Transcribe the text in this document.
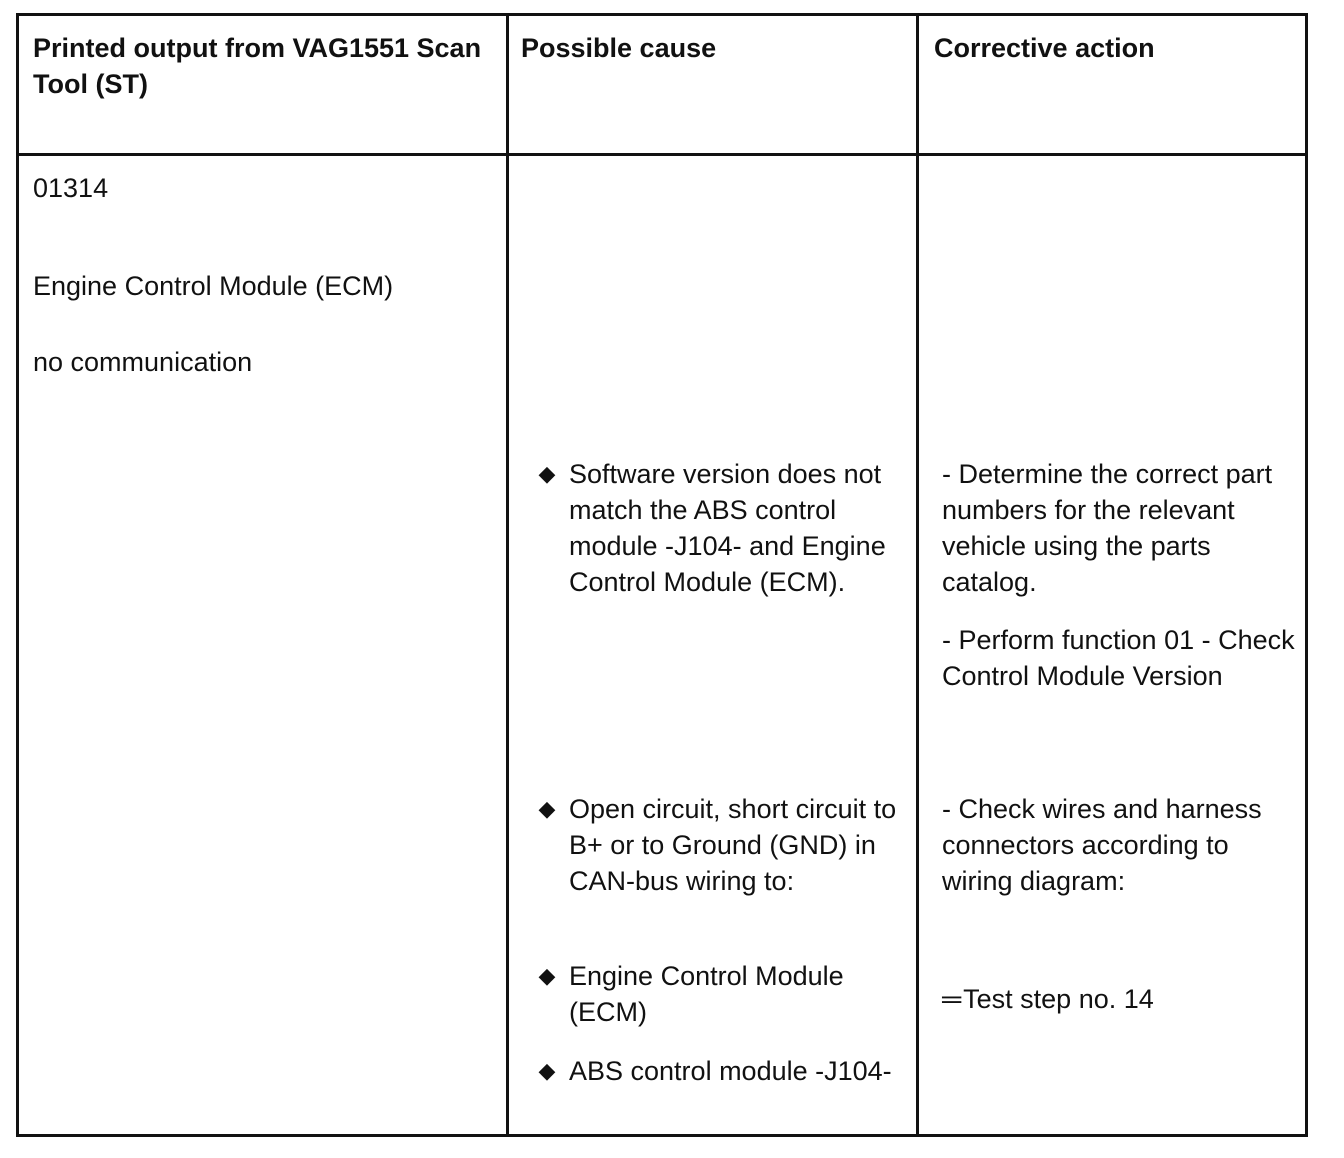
Printed output from VAG1551 Scan Tool (ST)
Possible cause	Corrective action
01314
Engine Control Module (ECM)
no communication
◆ Software version does not match the ABS control module -J104- and Engine Control Module (ECM).
◆ Open circuit, short circuit to B+ or to Ground (GND) in CAN-bus wiring to:
◆ Engine Control Module (ECM)
◆ ABS control module -J104-
- Determine the correct part numbers for the relevant vehicle using the parts catalog.
- Perform function 01 - Check Control Module Version
- Check wires and harness connectors according to wiring diagram:
═Test step no. 14
